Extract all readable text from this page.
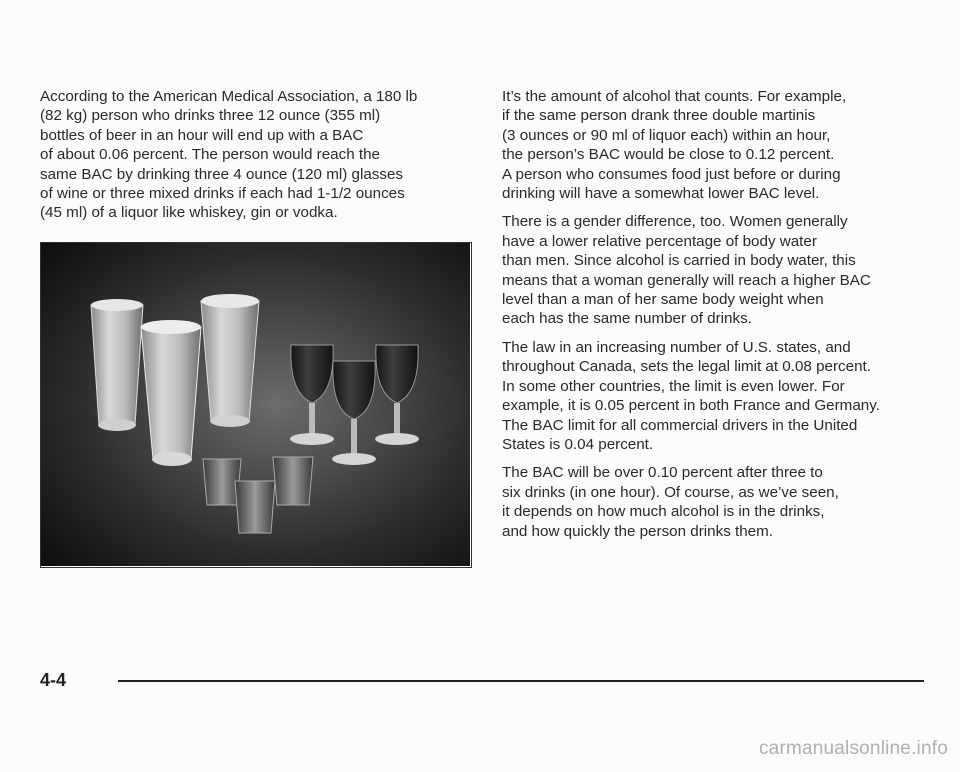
According to the American Medical Association, a 180 lb
(82 kg) person who drinks three 12 ounce (355 ml)
bottles of beer in an hour will end up with a BAC
of about 0.06 percent. The person would reach the
same BAC by drinking three 4 ounce (120 ml) glasses
of wine or three mixed drinks if each had 1-1/2 ounces
(45 ml) of a liquor like whiskey, gin or vodka.

It’s the amount of alcohol that counts. For example,
if the same person drank three double martinis
(3 ounces or 90 ml of liquor each) within an hour,
the person’s BAC would be close to 0.12 percent.
A person who consumes food just before or during
drinking will have a somewhat lower BAC level.

There is a gender difference, too. Women generally
have a lower relative percentage of body water
than men. Since alcohol is carried in body water, this
means that a woman generally will reach a higher BAC
level than a man of her same body weight when
each has the same number of drinks.

The law in an increasing number of U.S. states, and
throughout Canada, sets the legal limit at 0.08 percent.
In some other countries, the limit is even lower. For
example, it is 0.05 percent in both France and Germany.
The BAC limit for all commercial drivers in the United
States is 0.04 percent.

The BAC will be over 0.10 percent after three to
six drinks (in one hour). Of course, as we’ve seen,
it depends on how much alcohol is in the drinks,
and how quickly the person drinks them.

4-4
carmanualsonline.info
